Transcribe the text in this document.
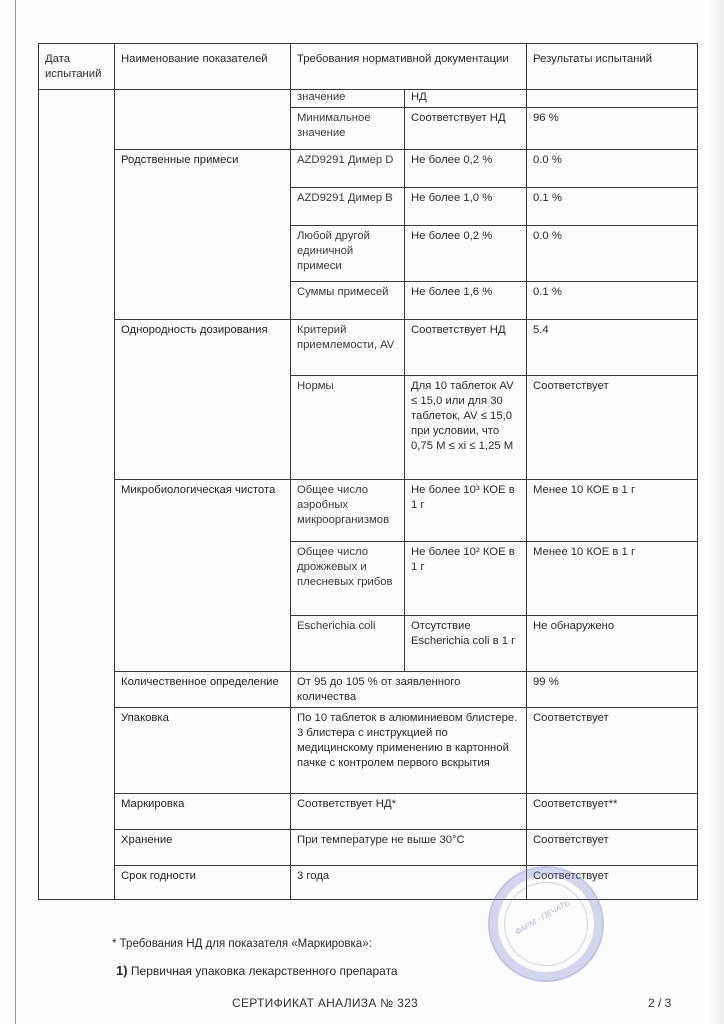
Дата испытаний	Наименование показателей	Требования нормативной документации		Результаты испытаний
		значение	НД	
		Минимальное значение	Соответствует НД	96 %
	Родственные примеси	AZD9291 Димер D	Не более 0,2 %	0.0 %
		AZD9291 Димер В	Не более 1,0 %	0.1 %
		Любой другой единичной примеси	Не более 0,2 %	0.0 %
		Суммы примесей	Не более 1,6 %	0.1 %
	Однородность дозирования	Критерий приемлемости, AV	Соответствует НД	5.4
		Нормы	Для 10 таблеток AV ≤ 15,0 или для 30 таблеток, AV ≤ 15,0 при условии, что 0,75 M ≤ xi ≤ 1,25 M	Соответствует
	Микробиологическая чистота	Общее число аэробных микроорганизмов	Не более 10³ КОЕ в 1 г	Менее 10 КОЕ в 1 г
		Общее число дрожжевых и плесневых грибов	Не более 10² КОЕ в 1 г	Менее 10 КОЕ в 1 г
		Escherichia coli	Отсутствие Escherichia coli в 1 г	Не обнаружено
	Количественное определение	От 95 до 105 % от заявленного количества		99 %
	Упаковка	По 10 таблеток в алюминиевом блистере. 3 блистера с инструкцией по медицинскому применению в картонной пачке с контролем первого вскрытия		Соответствует
	Маркировка	Соответствует НД*		Соответствует**
	Хранение	При температуре не выше 30°С		Соответствует
	Срок годности	3 года		Соответствует
ФАРМ · ПЕЧАТЬ
* Требования НД для показателя «Маркировка»:
1) Первичная упаковка лекарственного препарата
СЕРТИФИКАТ АНАЛИЗА № 323	2 / 3
